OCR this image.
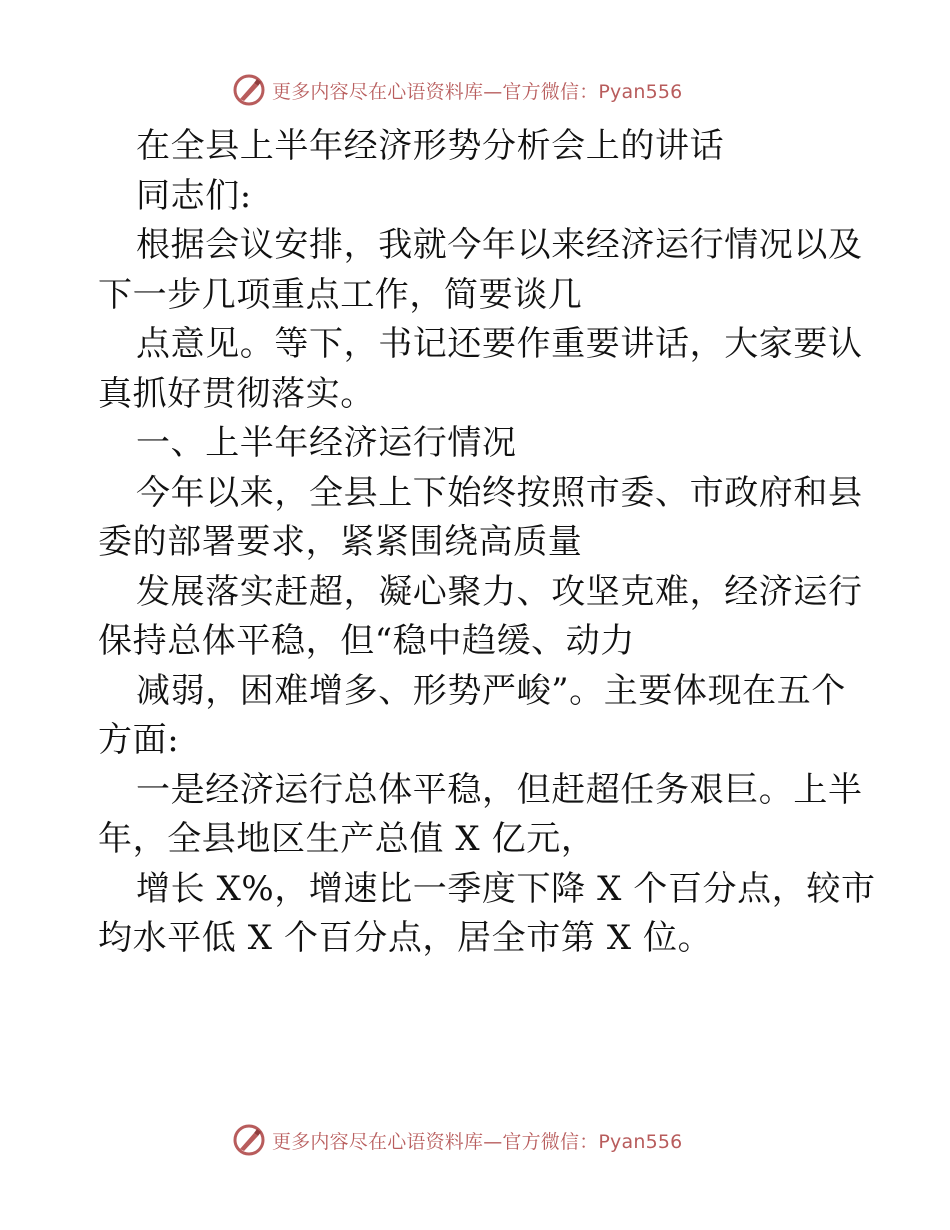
更多内容尽在心语资料库—官方微信：Pyan556
在全县上半年经济形势分析会上的讲话
同志们:
根据会议安排，我就今年以来经济运行情况以及
下一步几项重点工作，简要谈几
点意见。等下，书记还要作重要讲话，大家要认
真抓好贯彻落实。
一、上半年经济运行情况
今年以来，全县上下始终按照市委、市政府和县
委的部署要求，紧紧围绕高质量
发展落实赶超，凝心聚力、攻坚克难，经济运行
保持总体平稳，但“稳中趋缓、动力
减弱，困难增多、形势严峻”。主要体现在五个
方面:
一是经济运行总体平稳，但赶超任务艰巨。上半
年，全县地区生产总值 X 亿元，
增长 X%，增速比一季度下降 X 个百分点，较市
均水平低 X 个百分点，居全市第 X 位。
更多内容尽在心语资料库—官方微信：Pyan556
